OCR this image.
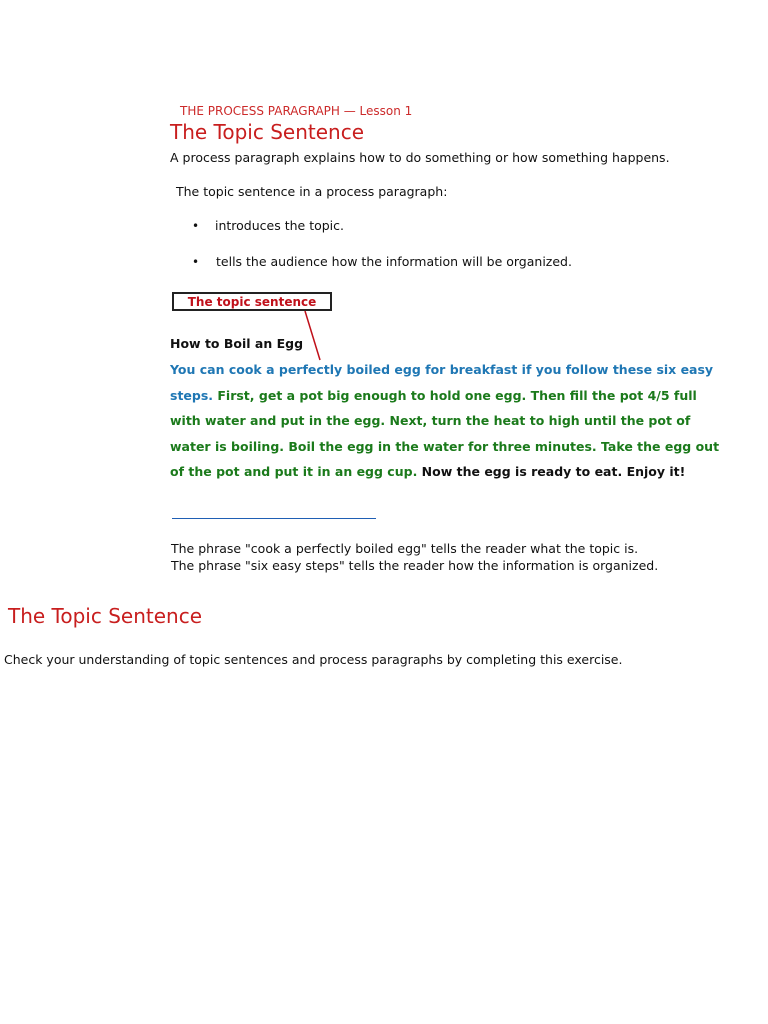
THE PROCESS PARAGRAPH — Lesson 1
The Topic Sentence
A process paragraph explains how to do something or how something happens.
The topic sentence in a process paragraph:
• introduces the topic.
• tells the audience how the information will be organized.
The topic sentence
How to Boil an Egg
You can cook a perfectly boiled egg for breakfast if you follow these six easy steps. First, get a pot big enough to hold one egg. Then fill the pot 4/5 full with water and put in the egg. Next, turn the heat to high until the pot of water is boiling. Boil the egg in the water for three minutes. Take the egg out of the pot and put it in an egg cup. Now the egg is ready to eat. Enjoy it!
The phrase "cook a perfectly boiled egg" tells the reader what the topic is.
The phrase "six easy steps" tells the reader how the information is organized.
The Topic Sentence
Check your understanding of topic sentences and process paragraphs by completing this exercise.
